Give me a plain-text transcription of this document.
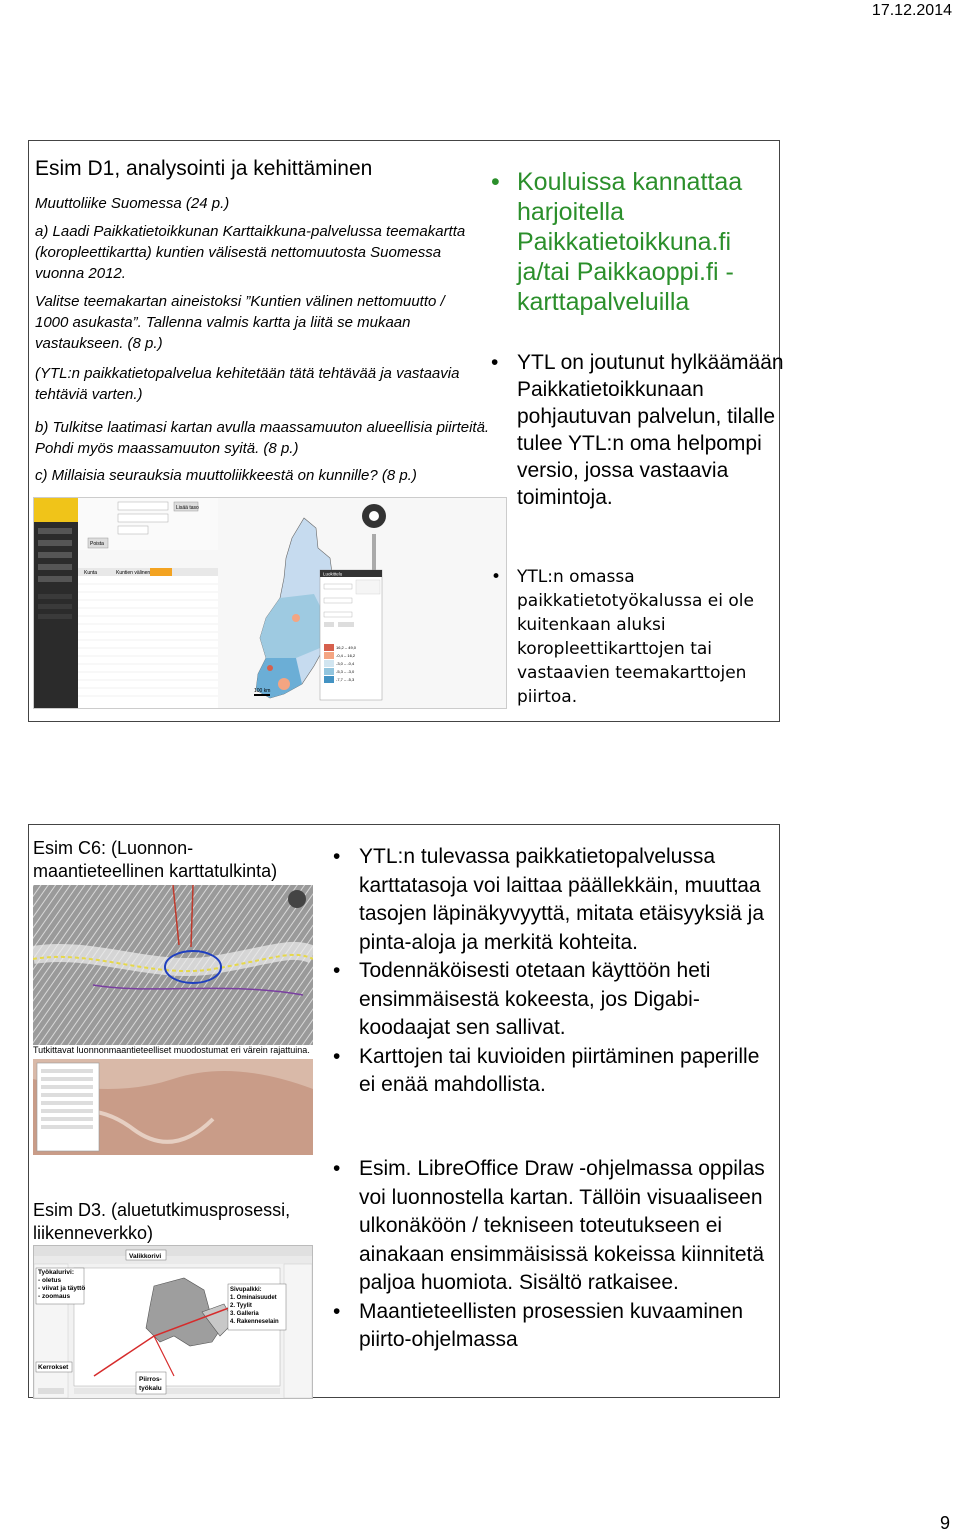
17.12.2014
Esim D1, analysointi ja kehittäminen
Muuttoliike Suomessa (24 p.)
a) Laadi Paikkatietoikkunan Karttaikkuna-palvelussa teemakartta (koropleettikartta) kuntien välisestä nettomuutosta Suomessa vuonna 2012.
Valitse teemakartan aineistoksi ”Kuntien välinen nettomuutto / 1000 asukasta”. Tallenna valmis kartta ja liitä se mukaan vastaukseen. (8 p.)
(YTL:n paikkatietopalvelua kehitetään tätä tehtävää ja vastaavia tehtäviä varten.)
b) Tulkitse laatimasi kartan avulla maassamuuton alueellisia piirteitä. Pohdi myös maassamuuton syitä. (8 p.)
c) Millaisia seurauksia muuttoliikkeestä on kunnille? (8 p.)
Lisää taso
Poista
Kunta	Kuntien välinen
100 km
Luokittelu
16,2 – 49,0
-0,4 – 16,2
-3,0 – -0,4
-5,3 – -3,0
-7,7 – -5,3
• Kouluissa kannattaa harjoitella Paikkatietoikkuna.fi ja/tai Paikkaoppi.fi -karttapalveluilla
• YTL on joutunut hylkäämään Paikkatietoikkunaan pohjautuvan palvelun, tilalle tulee YTL:n oma helpompi versio, jossa vastaavia toimintoja.
• YTL:n omassa paikkatietotyökalussa ei ole kuitenkaan aluksi koropleettikarttojen tai vastaavien teemakarttojen piirtoa.
Esim C6: (Luonnon-maantieteellinen karttatulkinta)
Tutkittavat luonnonmaantieteelliset muodostumat eri värein rajattuina.
• YTL:n tulevassa paikkatietopalvelussa karttatasoja voi laittaa päällekkäin, muuttaa tasojen läpinäkyvyyttä, mitata etäisyyksiä ja pinta-aloja ja merkitä kohteita.
• Todennäköisesti otetaan käyttöön heti ensimmäisestä kokeesta, jos Digabi-koodaajat sen sallivat.
• Karttojen tai kuvioiden piirtäminen paperille ei enää mahdollista.
Esim D3. (aluetutkimusprosessi, liikenneverkko)
Työkalurivi: - oletus - viivat ja täyttö - zoomaus
Valikkorivi
Sivupalkki: 1. Ominaisuudet 2. Tyylit 3. Galleria 4. Rakenneselain
Kerrokset
Piirros-työkalu
• Esim. LibreOffice Draw -ohjelmassa oppilas voi luonnostella kartan. Tällöin visuaaliseen ulkonäköön / tekniseen toteutukseen ei ainakaan ensimmäisissä kokeissa kiinnitetä paljoa huomiota. Sisältö ratkaisee.
• Maantieteellisten prosessien kuvaaminen piirto-ohjelmassa
9
